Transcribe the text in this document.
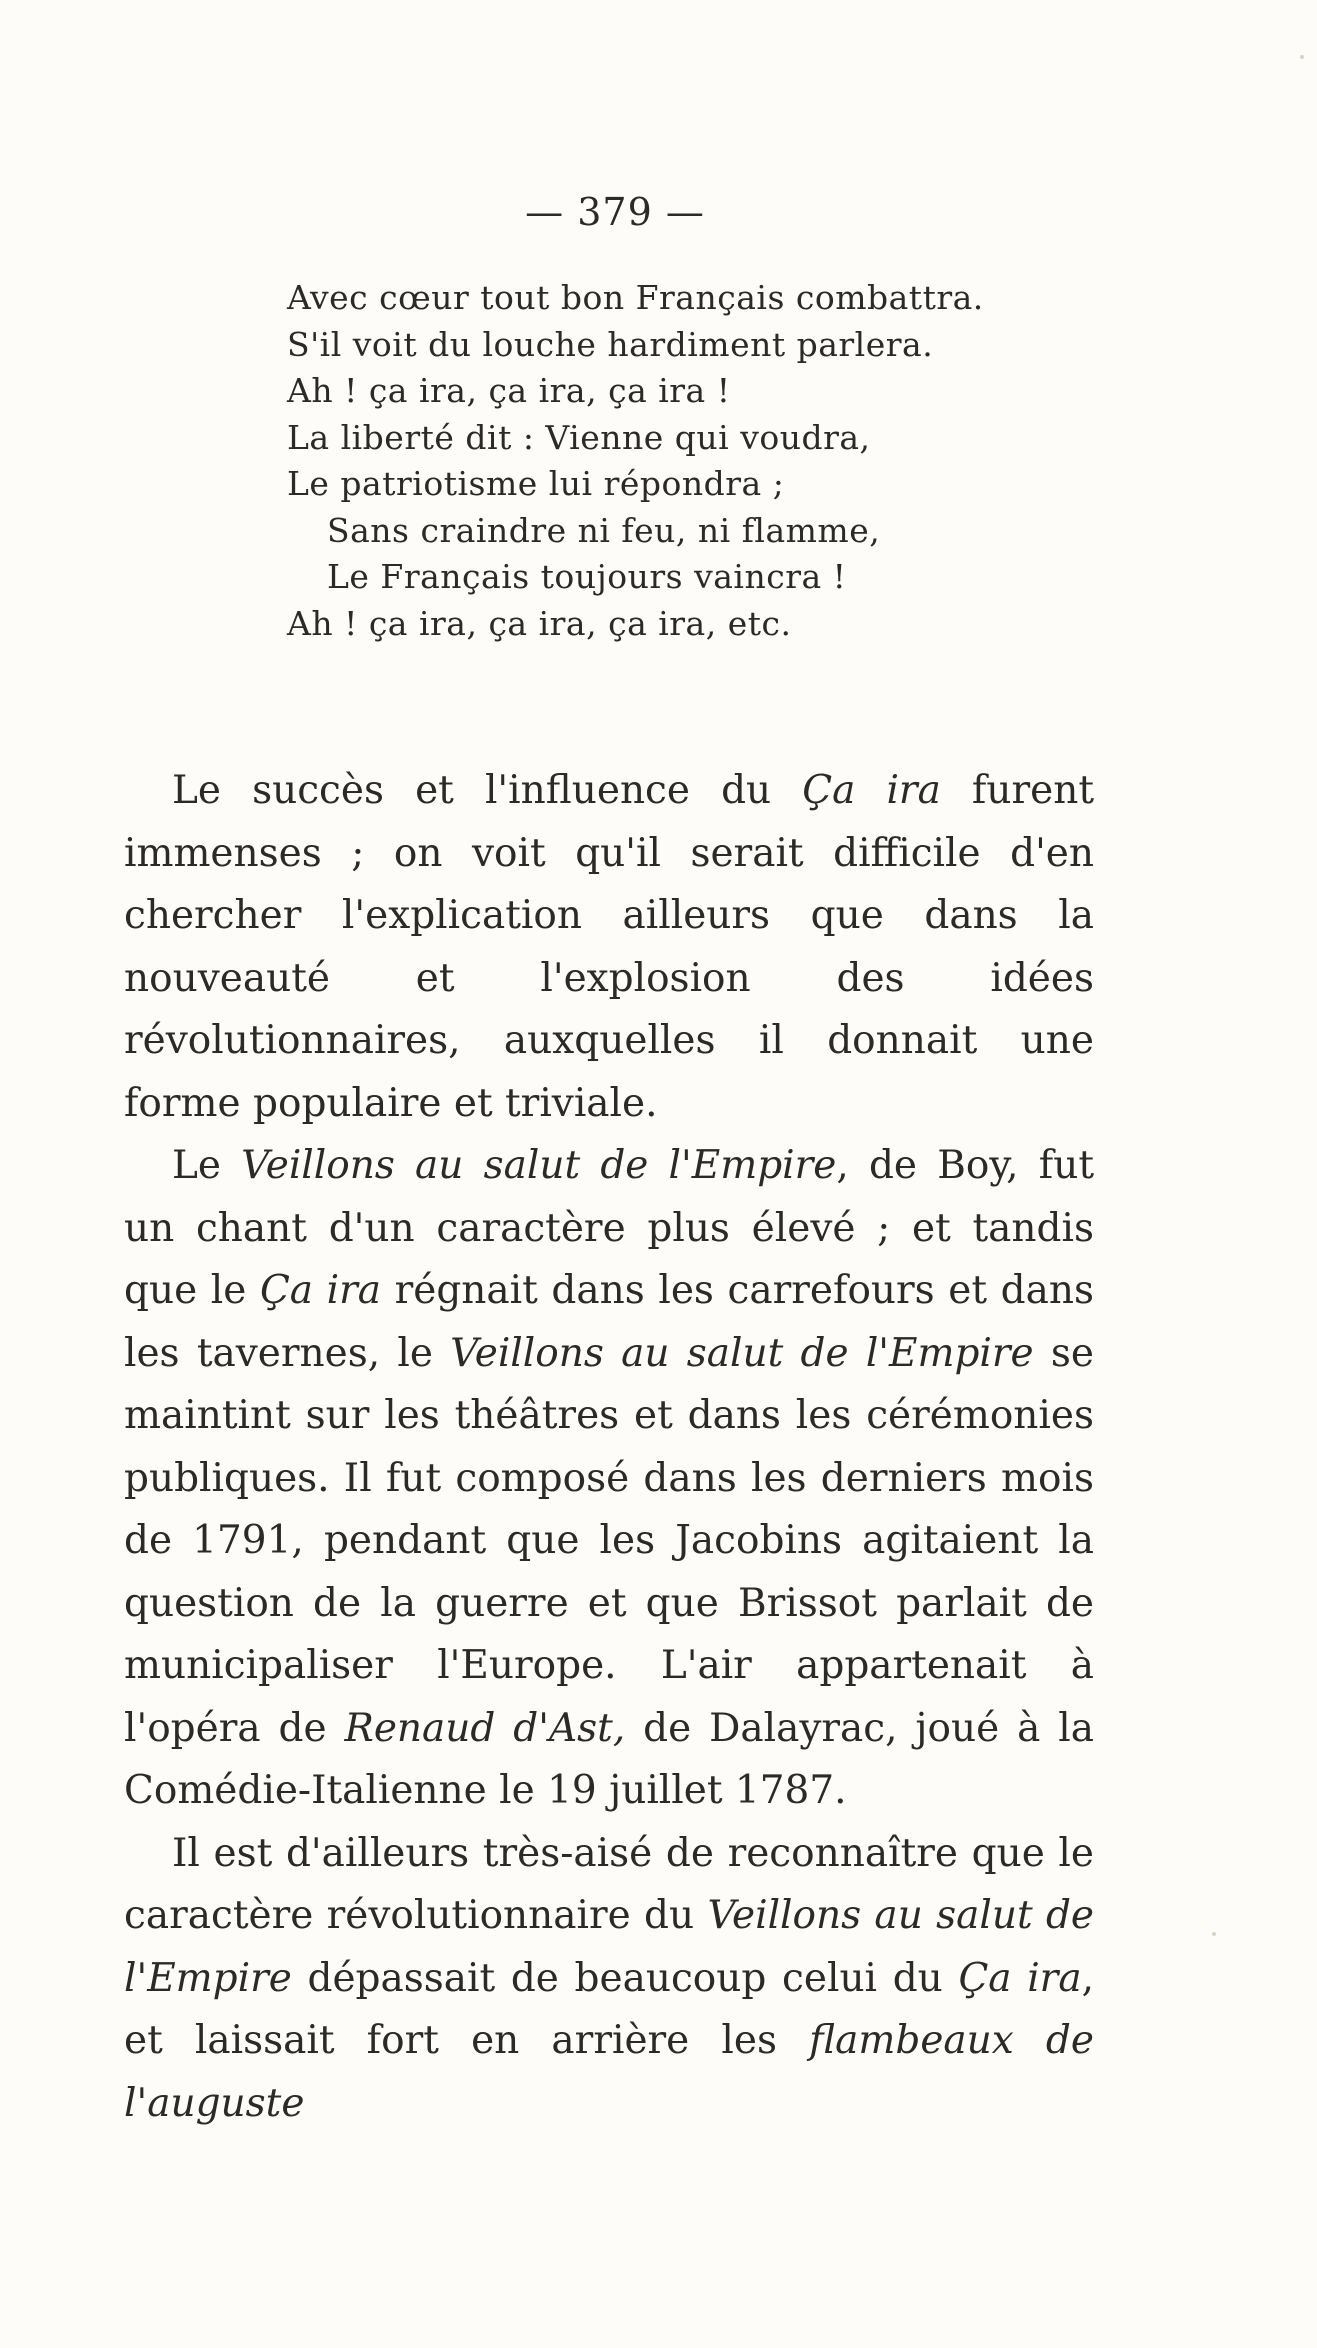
— 379 —
Avec cœur tout bon Français combattra.
S'il voit du louche hardiment parlera.
Ah ! ça ira, ça ira, ça ira !
La liberté dit : Vienne qui voudra,
Le patriotisme lui répondra ;
Sans craindre ni feu, ni flamme,
Le Français toujours vaincra !
Ah ! ça ira, ça ira, ça ira, etc.

Le succès et l'influence du Ça ira furent immenses ; on voit qu'il serait difficile d'en chercher l'explication ailleurs que dans la nouveauté et l'explosion des idées révolutionnaires, auxquelles il donnait une forme populaire et triviale.

Le Veillons au salut de l'Empire, de Boy, fut un chant d'un caractère plus élevé ; et tandis que le Ça ira régnait dans les carrefours et dans les tavernes, le Veillons au salut de l'Empire se maintint sur les théâtres et dans les cérémonies publiques. Il fut composé dans les derniers mois de 1791, pendant que les Jacobins agitaient la question de la guerre et que Brissot parlait de municipaliser l'Europe. L'air appartenait à l'opéra de Renaud d'Ast, de Dalayrac, joué à la Comédie-Italienne le 19 juillet 1787.

Il est d'ailleurs très-aisé de reconnaître que le caractère révolutionnaire du Veillons au salut de l'Empire dépassait de beaucoup celui du Ça ira, et laissait fort en arrière les flambeaux de l'auguste
